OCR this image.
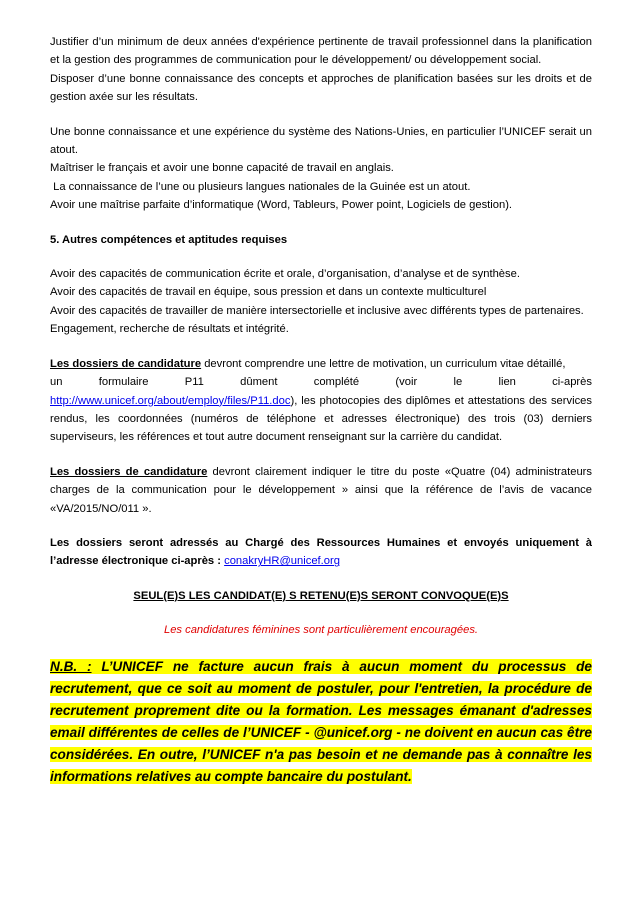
Justifier d’un minimum de deux années d'expérience pertinente de travail professionnel dans la planification et la gestion des programmes de communication pour le développement/ ou développement social.

Disposer d’une bonne connaissance des concepts et approches de planification basées sur les droits et de gestion axée sur les résultats.

Une bonne connaissance et une expérience du système des Nations-Unies, en particulier l’UNICEF serait un atout.

Maîtriser le français et avoir une bonne capacité de travail en anglais.

La connaissance de l’une ou plusieurs langues nationales de la Guinée est un atout.

Avoir une maîtrise parfaite d’informatique (Word, Tableurs, Power point, Logiciels de gestion).

5. Autres compétences et aptitudes requises

Avoir des capacités de communication écrite et orale, d’organisation, d’analyse et de synthèse.

Avoir des capacités de travail en équipe, sous pression et dans un contexte multiculturel

Avoir des capacités de travailler de manière intersectorielle et inclusive avec différents types de partenaires.

Engagement, recherche de résultats et intégrité.

Les dossiers de candidature devront comprendre une lettre de motivation, un curriculum vitae détaillé,

un	formulaire	P11	dûment	complété	(voir	le	lien	ci-après

http://www.unicef.org/about/employ/files/P11.doc), les photocopies des diplômes et attestations des services rendus, les coordonnées (numéros de téléphone et adresses électronique) des trois (03) derniers superviseurs, les références et tout autre document renseignant sur la carrière du candidat.

Les dossiers de candidature devront clairement indiquer le titre du poste «Quatre (04) administrateurs charges de la communication pour le développement » ainsi que la référence de l’avis de vacance «VA/2015/NO/011 ».

Les dossiers seront adressés au Chargé des Ressources Humaines et envoyés uniquement à l’adresse électronique ci-après : conakryHR@unicef.org

SEUL(E)S LES CANDIDAT(E) S RETENU(E)S SERONT CONVOQUE(E)S

Les candidatures féminines sont particulièrement encouragées.

N.B. : L’UNICEF ne facture aucun frais à aucun moment du processus de recrutement, que ce soit au moment de postuler, pour l'entretien, la procédure de recrutement proprement dite ou la formation. Les messages émanant d'adresses email différentes de celles de l’UNICEF - @unicef.org - ne doivent en aucun cas être considérées. En outre, l’UNICEF n'a pas besoin et ne demande pas à connaître les informations relatives au compte bancaire du postulant.
